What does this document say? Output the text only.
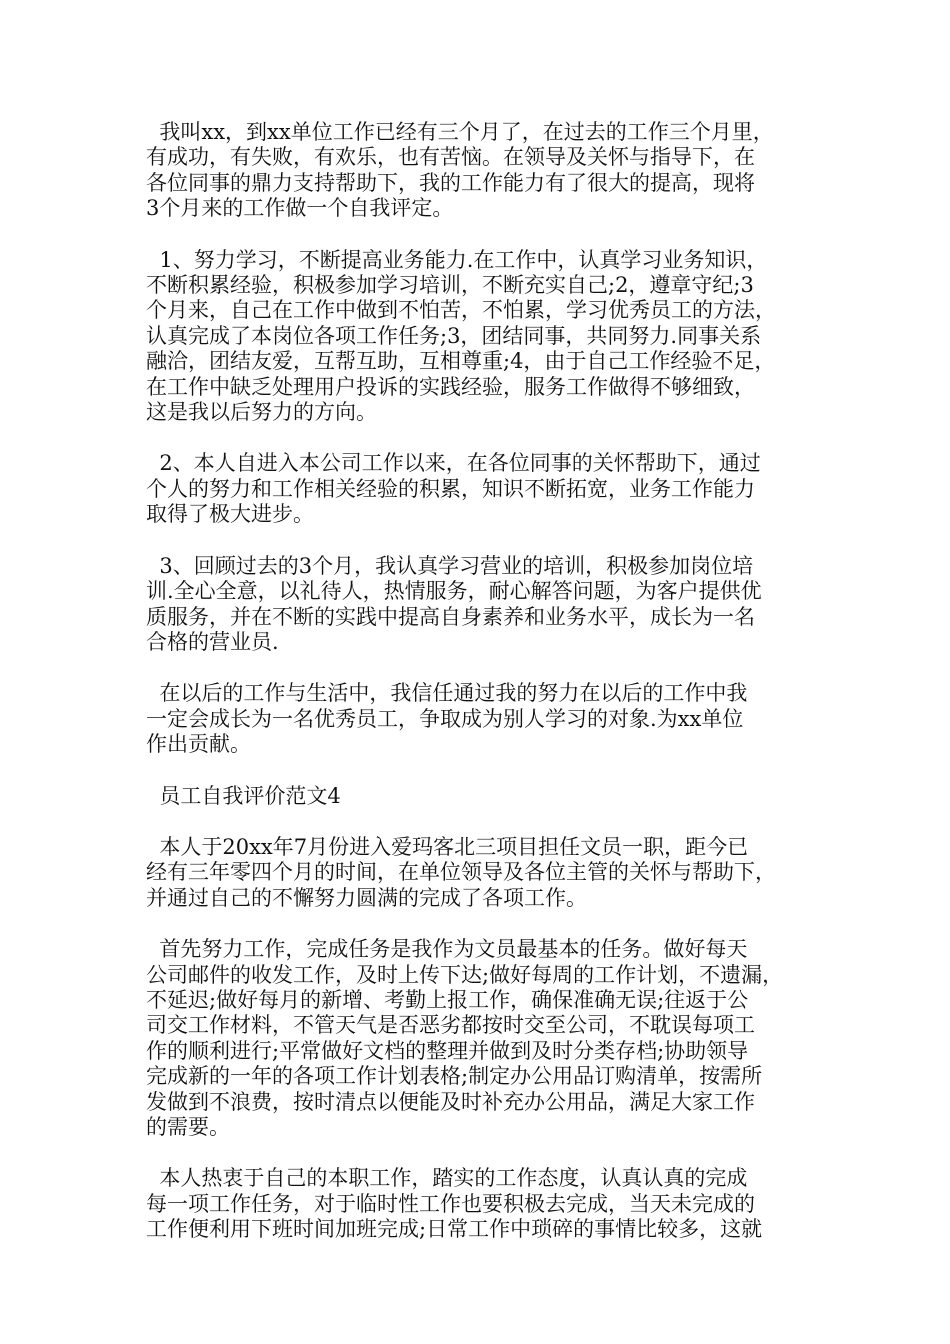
我叫xx，到xx单位工作已经有三个月了，在过去的工作三个月里，
有成功，有失败，有欢乐，也有苦恼。在领导及关怀与指导下，在
各位同事的鼎力支持帮助下，我的工作能力有了很大的提高，现将
3个月来的工作做一个自我评定。

1、努力学习，不断提高业务能力.在工作中，认真学习业务知识，
不断积累经验，积极参加学习培训，不断充实自己;2，遵章守纪;3
个月来，自己在工作中做到不怕苦，不怕累，学习优秀员工的方法，
认真完成了本岗位各项工作任务;3，团结同事，共同努力.同事关系
融洽，团结友爱，互帮互助，互相尊重;4，由于自己工作经验不足，
在工作中缺乏处理用户投诉的实践经验，服务工作做得不够细致，
这是我以后努力的方向。

2、本人自进入本公司工作以来，在各位同事的关怀帮助下，通过
个人的努力和工作相关经验的积累，知识不断拓宽，业务工作能力
取得了极大进步。

3、回顾过去的3个月，我认真学习营业的培训，积极参加岗位培
训.全心全意，以礼待人，热情服务，耐心解答问题，为客户提供优
质服务，并在不断的实践中提高自身素养和业务水平，成长为一名
合格的营业员.

在以后的工作与生活中，我信任通过我的努力在以后的工作中我
一定会成长为一名优秀员工，争取成为别人学习的对象.为xx单位
作出贡献。

员工自我评价范文4

本人于20xx年7月份进入爱玛客北三项目担任文员一职，距今已
经有三年零四个月的时间，在单位领导及各位主管的关怀与帮助下，
并通过自己的不懈努力圆满的完成了各项工作。

首先努力工作，完成任务是我作为文员最基本的任务。做好每天
公司邮件的收发工作，及时上传下达;做好每周的工作计划，不遗漏，
不延迟;做好每月的新增、考勤上报工作，确保准确无误;往返于公
司交工作材料，不管天气是否恶劣都按时交至公司，不耽误每项工
作的顺利进行;平常做好文档的整理并做到及时分类存档;协助领导
完成新的一年的各项工作计划表格;制定办公用品订购清单，按需所
发做到不浪费，按时清点以便能及时补充办公用品，满足大家工作
的需要。

本人热衷于自己的本职工作，踏实的工作态度，认真认真的完成
每一项工作任务，对于临时性工作也要积极去完成，当天未完成的
工作便利用下班时间加班完成;日常工作中琐碎的事情比较多，这就
